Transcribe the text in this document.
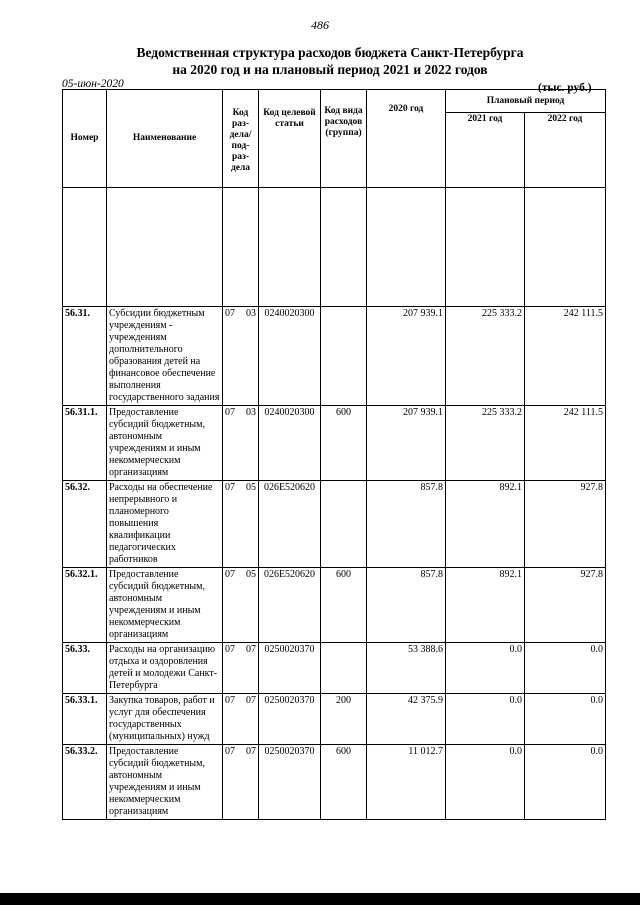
486
Ведомственная структура расходов бюджета Санкт-Петербурга
на 2020 год и на плановый период 2021 и 2022 годов
05-июн-2020	(тыс. руб.)
Номер	Наименование	Код раз-дела/ под-раз-дела	Код целевой статьи	Код вида расходов (группа)	2020 год	Плановый период	
						2021 год	2022 год

56.31.	Субсидии бюджетным учреждениям - учреждениям дополнительного образования детей на финансовое обеспечение выполнения государственного задания	07 03	0240020300		207 939.1	225 333.2	242 111.5
56.31.1.	Предоставление субсидий бюджетным, автономным учреждениям и иным некоммерческим организациям	07 03	0240020300	600	207 939.1	225 333.2	242 111.5
56.32.	Расходы на обеспечение непрерывного и планомерного повышения квалификации педагогических работников	07 05	026Е520620		857.8	892.1	927.8
56.32.1.	Предоставление субсидий бюджетным, автономным учреждениям и иным некоммерческим организациям	07 05	026Е520620	600	857.8	892.1	927.8
56.33.	Расходы на организацию отдыха и оздоровления детей и молодежи Санкт-Петербурга	07 07	0250020370		53 388.6	0.0	0.0
56.33.1.	Закупка товаров, работ и услуг для обеспечения государственных (муниципальных) нужд	07 07	0250020370	200	42 375.9	0.0	0.0
56.33.2.	Предоставление субсидий бюджетным, автономным учреждениям и иным некоммерческим организациям	07 07	0250020370	600	11 012.7	0.0	0.0
